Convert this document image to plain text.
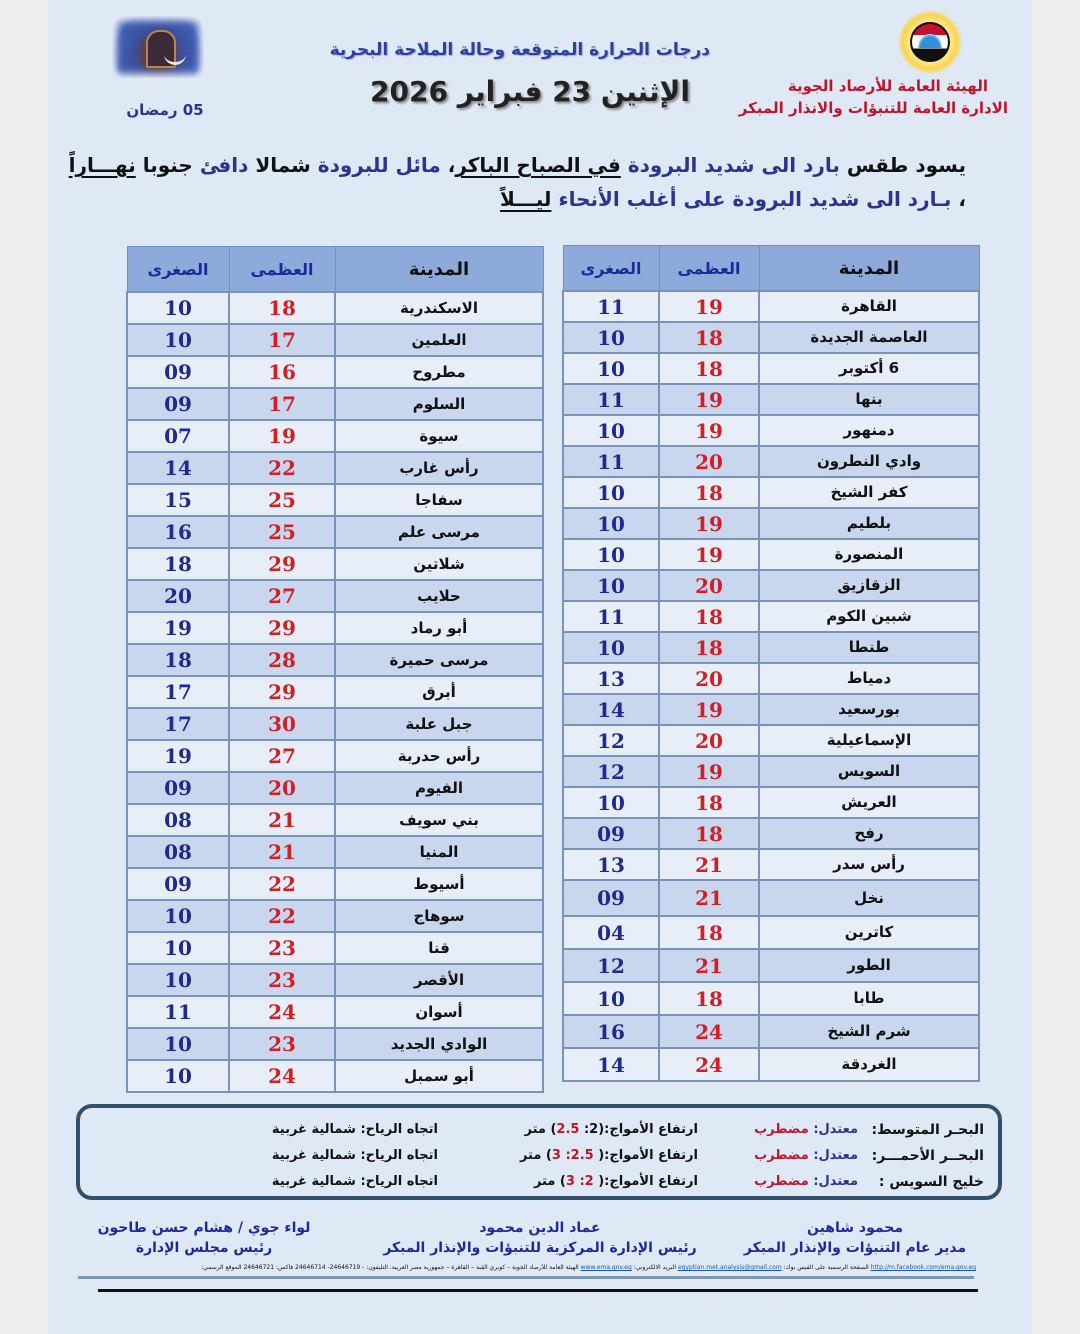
الهيئة العامة للأرصاد الجوية
الادارة العامة للتنبؤات والانذار المبكر
درجات الحرارة المتوقعة وحالة الملاحة البحرية
الإثنين 23 فبراير 2026
05 رمضان
يسود طقس بارد الى شديد البرودة في الصباح الباكر، مائل للبرودة شمالا دافئ جنوبا نهـــاراً
، بـارد الى شديد البرودة على أغلب الأنحاء ليـــلاً
المدينة	العظمى	الصغرى
القاهرة	19	11
العاصمة الجديدة	18	10
6 أكتوبر	18	10
بنها	19	11
دمنهور	19	10
وادي النطرون	20	11
كفر الشيخ	18	10
بلطيم	19	10
المنصورة	19	10
الزقازيق	20	10
شبين الكوم	18	11
طنطا	18	10
دمياط	20	13
بورسعيد	19	14
الإسماعيلية	20	12
السويس	19	12
العريش	18	10
رفح	18	09
رأس سدر	21	13
نخل	21	09
كاترين	18	04
الطور	21	12
طابا	18	10
شرم الشيخ	24	16
الغردقة	24	14
المدينة	العظمى	الصغرى
الاسكندرية	18	10
العلمين	17	10
مطروح	16	09
السلوم	17	09
سيوة	19	07
رأس غارب	22	14
سفاجا	25	15
مرسى علم	25	16
شلاتين	29	18
حلايب	27	20
أبو رماد	29	19
مرسى حميرة	28	18
أبرق	29	17
جبل علبة	30	17
رأس حدربة	27	19
الفيوم	20	09
بني سويف	21	08
المنيا	21	08
أسيوط	22	09
سوهاج	22	10
قنا	23	10
الأقصر	23	10
أسوان	24	11
الوادي الجديد	23	10
أبو سمبل	24	10
البحـر المتوسط:
معتدل: مضطرب
ارتفاع الأمواج:(2: 2.5) متر
اتجاه الرياح: شمالية غربية
البحــر الأحمـــر:
معتدل: مضطرب
ارتفاع الأمواج:( 2.5: 3) متر
اتجاه الرياح: شمالية غربية
خليج السويس :
معتدل: مضطرب
ارتفاع الأمواج:( 2: 3) متر
اتجاه الرياح: شمالية غربية
محمود شاهين
مدير عام التنبؤات والإنذار المبكر
عماد الدين محمود
رئيس الإدارة المركزية للتنبؤات والإنذار المبكر
لواء جوي / هشام حسن طاحون
رئيس مجلس الإدارة
http://m.facebook.com/ema.gov.eg الصفحة الرسمية على الفيس بوك: egyptian.met.analysis@gmail.com البريد الالكتروني: www.ema.gov.eg الهيئة العامة للأرصاد الجوية – كوبري القبة – القاهرة – جمهورية مصر العربية. التليفون: - 24646719- 24646714 فاكس: 24646721 الموقع الرسمي:
